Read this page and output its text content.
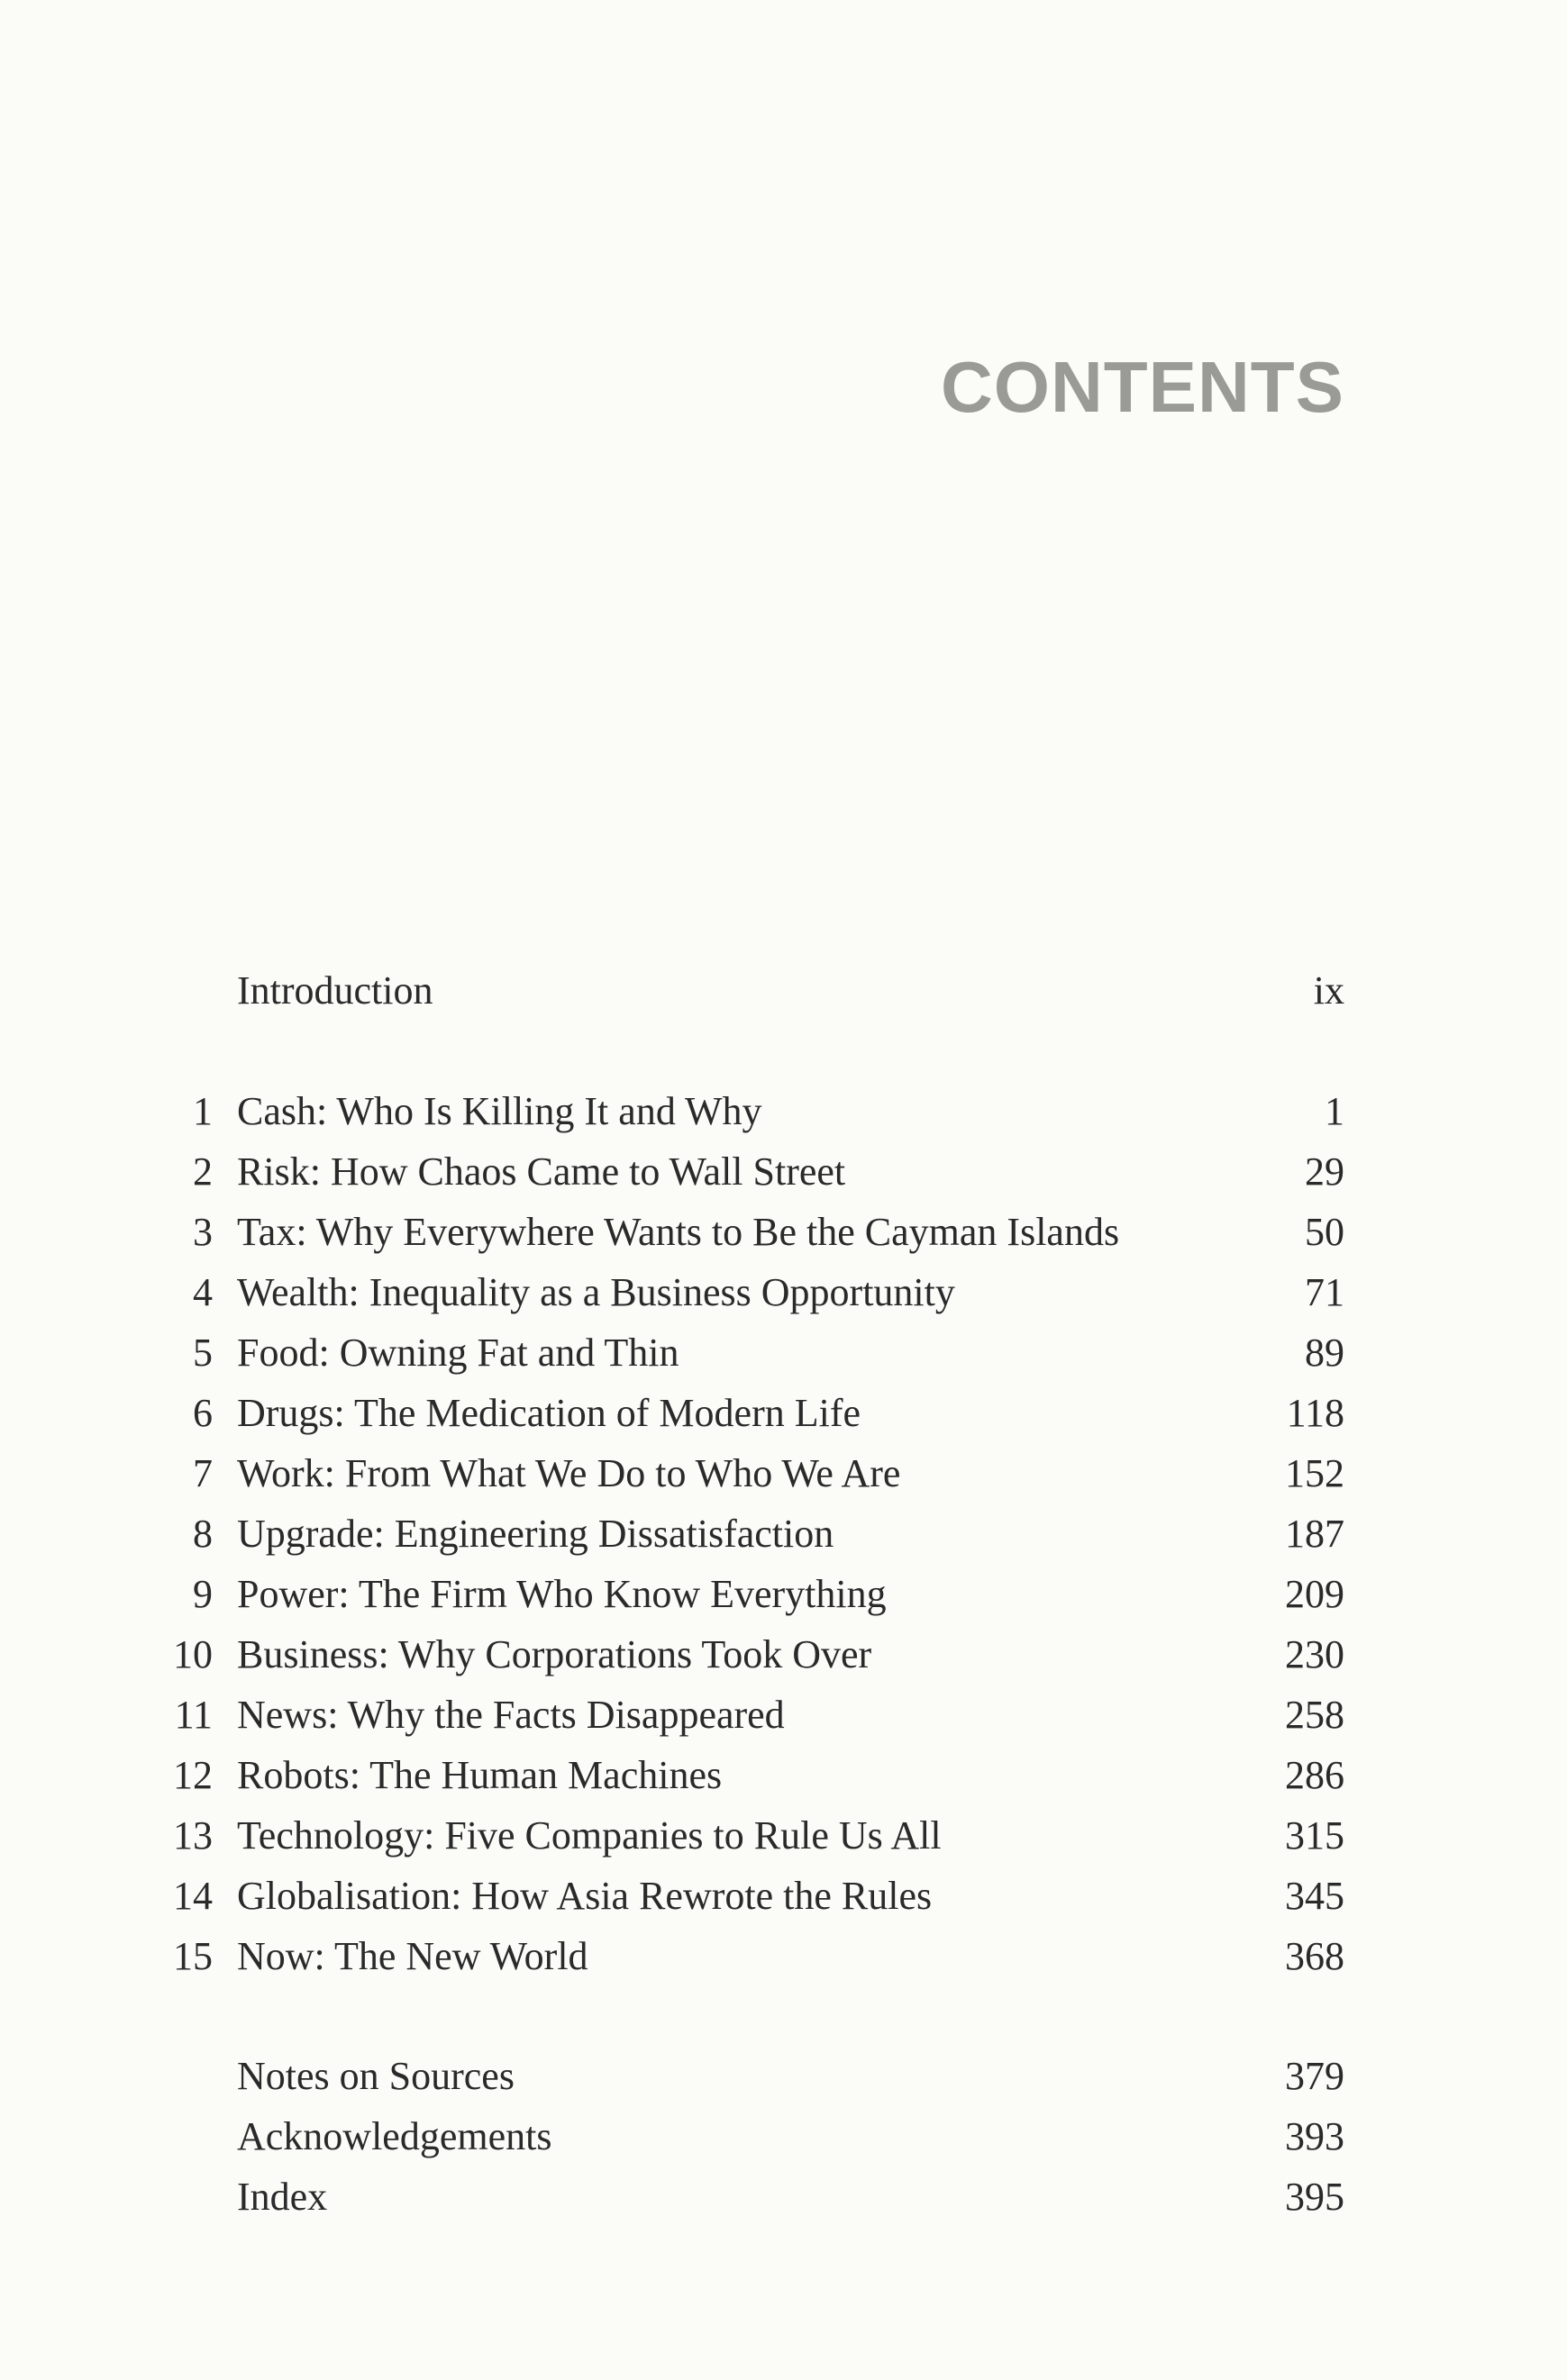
CONTENTS
Introduction	ix
1 Cash: Who Is Killing It and Why	1
2 Risk: How Chaos Came to Wall Street	29
3 Tax: Why Everywhere Wants to Be the Cayman Islands	50
4 Wealth: Inequality as a Business Opportunity	71
5 Food: Owning Fat and Thin	89
6 Drugs: The Medication of Modern Life	118
7 Work: From What We Do to Who We Are	152
8 Upgrade: Engineering Dissatisfaction	187
9 Power: The Firm Who Know Everything	209
10 Business: Why Corporations Took Over	230
11 News: Why the Facts Disappeared	258
12 Robots: The Human Machines	286
13 Technology: Five Companies to Rule Us All	315
14 Globalisation: How Asia Rewrote the Rules	345
15 Now: The New World	368
Notes on Sources	379
Acknowledgements	393
Index	395
